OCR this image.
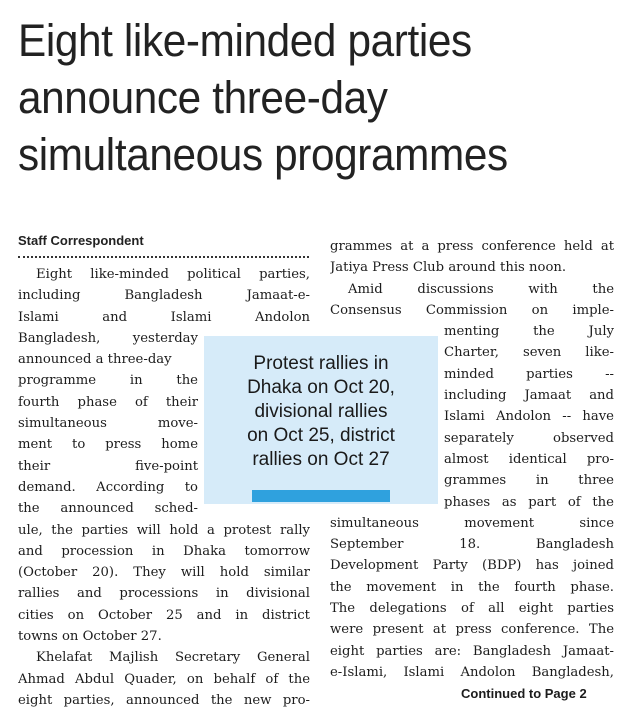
Eight like-minded parties
announce three-day
simultaneous programmes
Staff Correspondent
Eight like-minded political parties,
including Bangladesh Jamaat-e-
Islami and Islami Andolon
Bangladesh, yesterday
announced a three-day
programme in the
fourth phase of their
simultaneous move-
ment to press home
their five-point
demand. According to
the announced sched-
ule, the parties will hold a protest rally
and procession in Dhaka tomorrow
(October 20). They will hold similar
rallies and processions in divisional
cities on October 25 and in district
towns on October 27.
Khelafat Majlish Secretary General
Ahmad Abdul Quader, on behalf of the
eight parties, announced the new pro-
grammes at a press conference held at
Jatiya Press Club around this noon.
Amid discussions with the
Consensus Commission on imple-
menting the July
Charter, seven like-
minded parties --
including Jamaat and
Islami Andolon -- have
separately observed
almost identical pro-
grammes in three
phases as part of the
simultaneous movement since
September 18. Bangladesh
Development Party (BDP) has joined
the movement in the fourth phase.
The delegations of all eight parties
were present at press conference. The
eight parties are: Bangladesh Jamaat-
e-Islami, Islami Andolon Bangladesh,
Protest rallies in
Dhaka on Oct 20,
divisional rallies
on Oct 25, district
rallies on Oct 27
Continued to Page 2
